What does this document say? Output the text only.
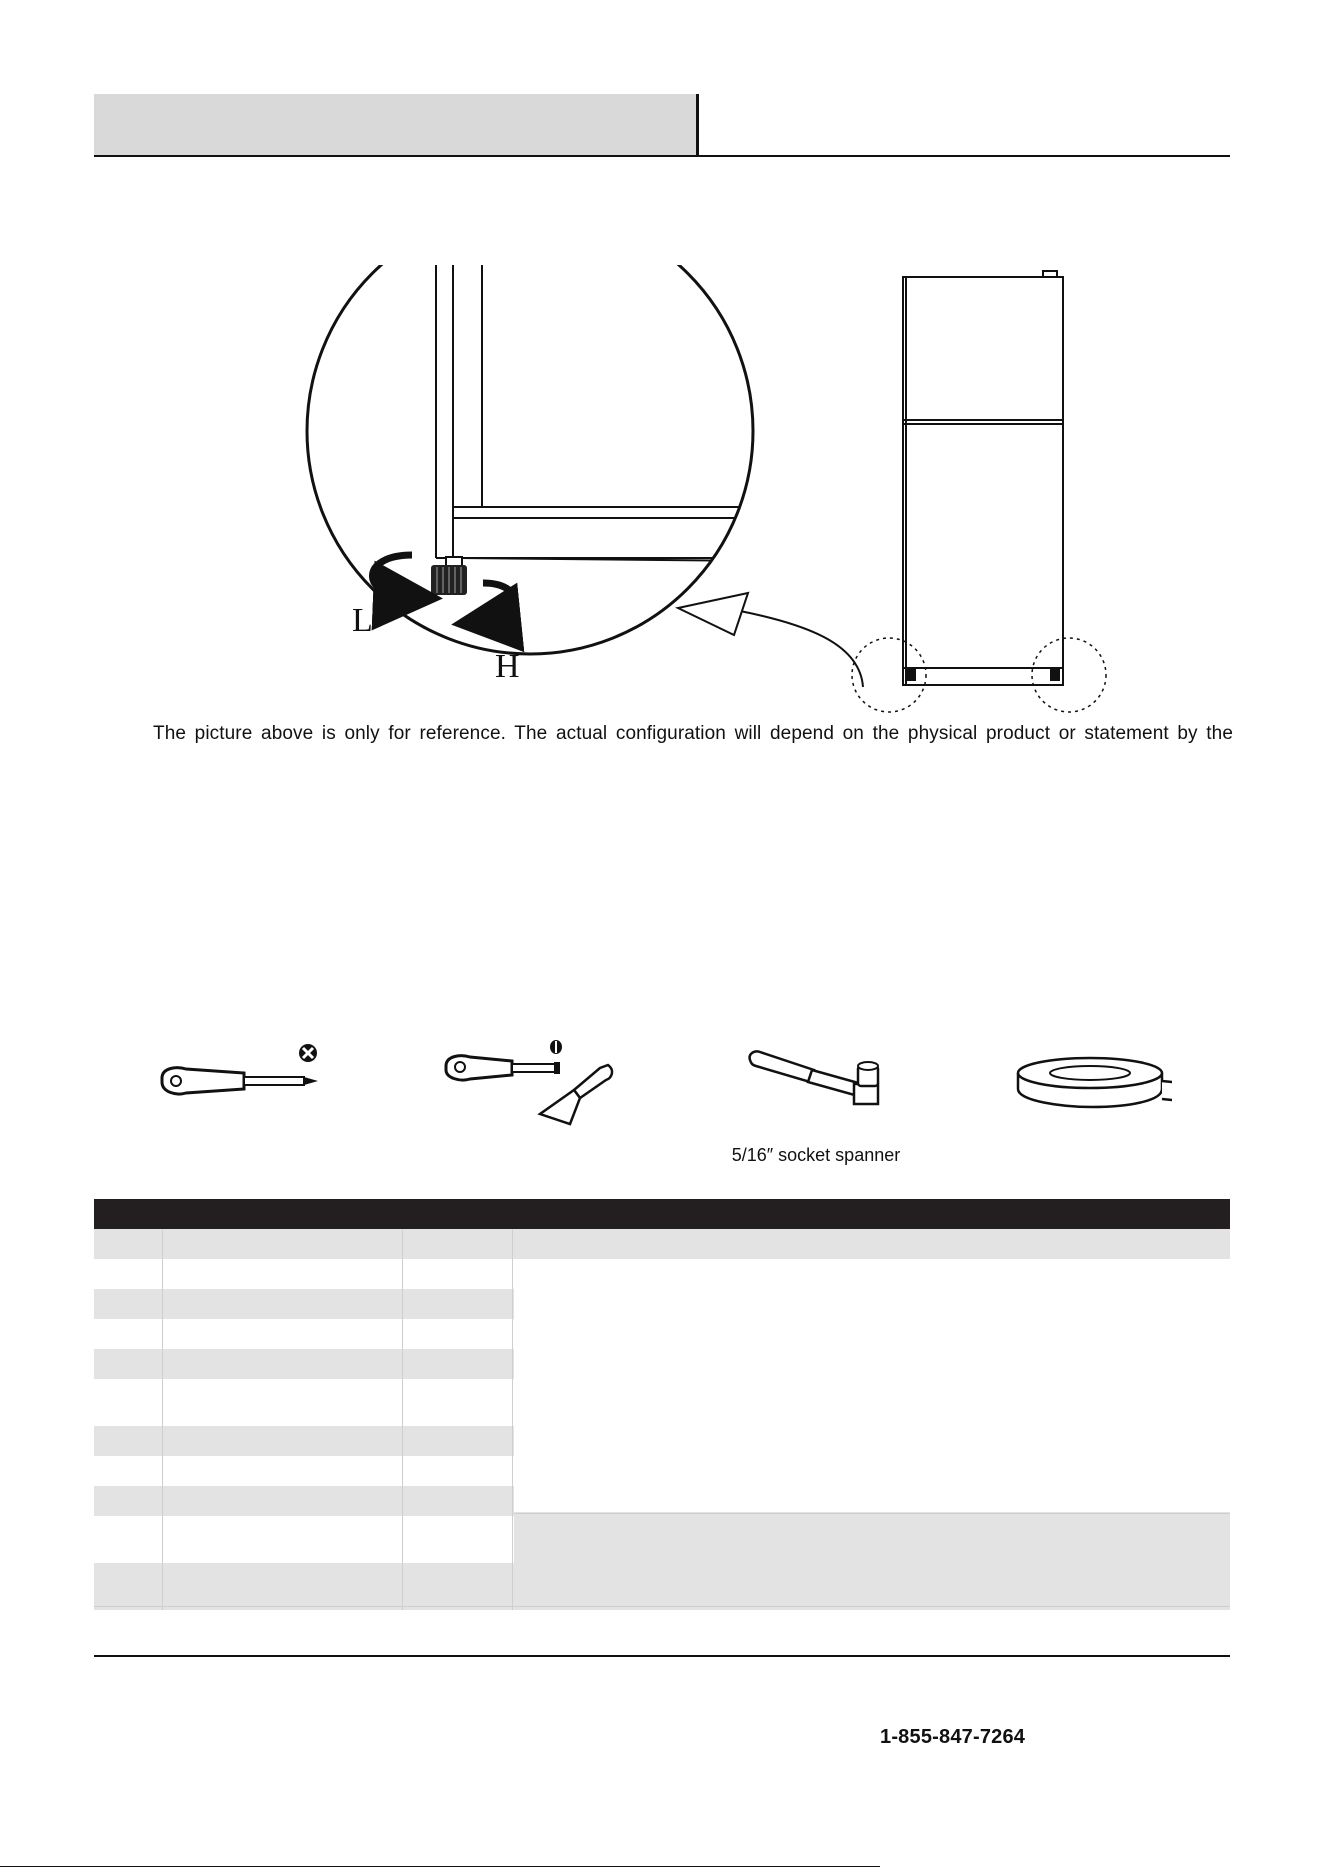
L
H
The picture above is only for reference. The actual configuration will depend on the physical product or statement by the
5/16″ socket spanner
1-855-847-7264
